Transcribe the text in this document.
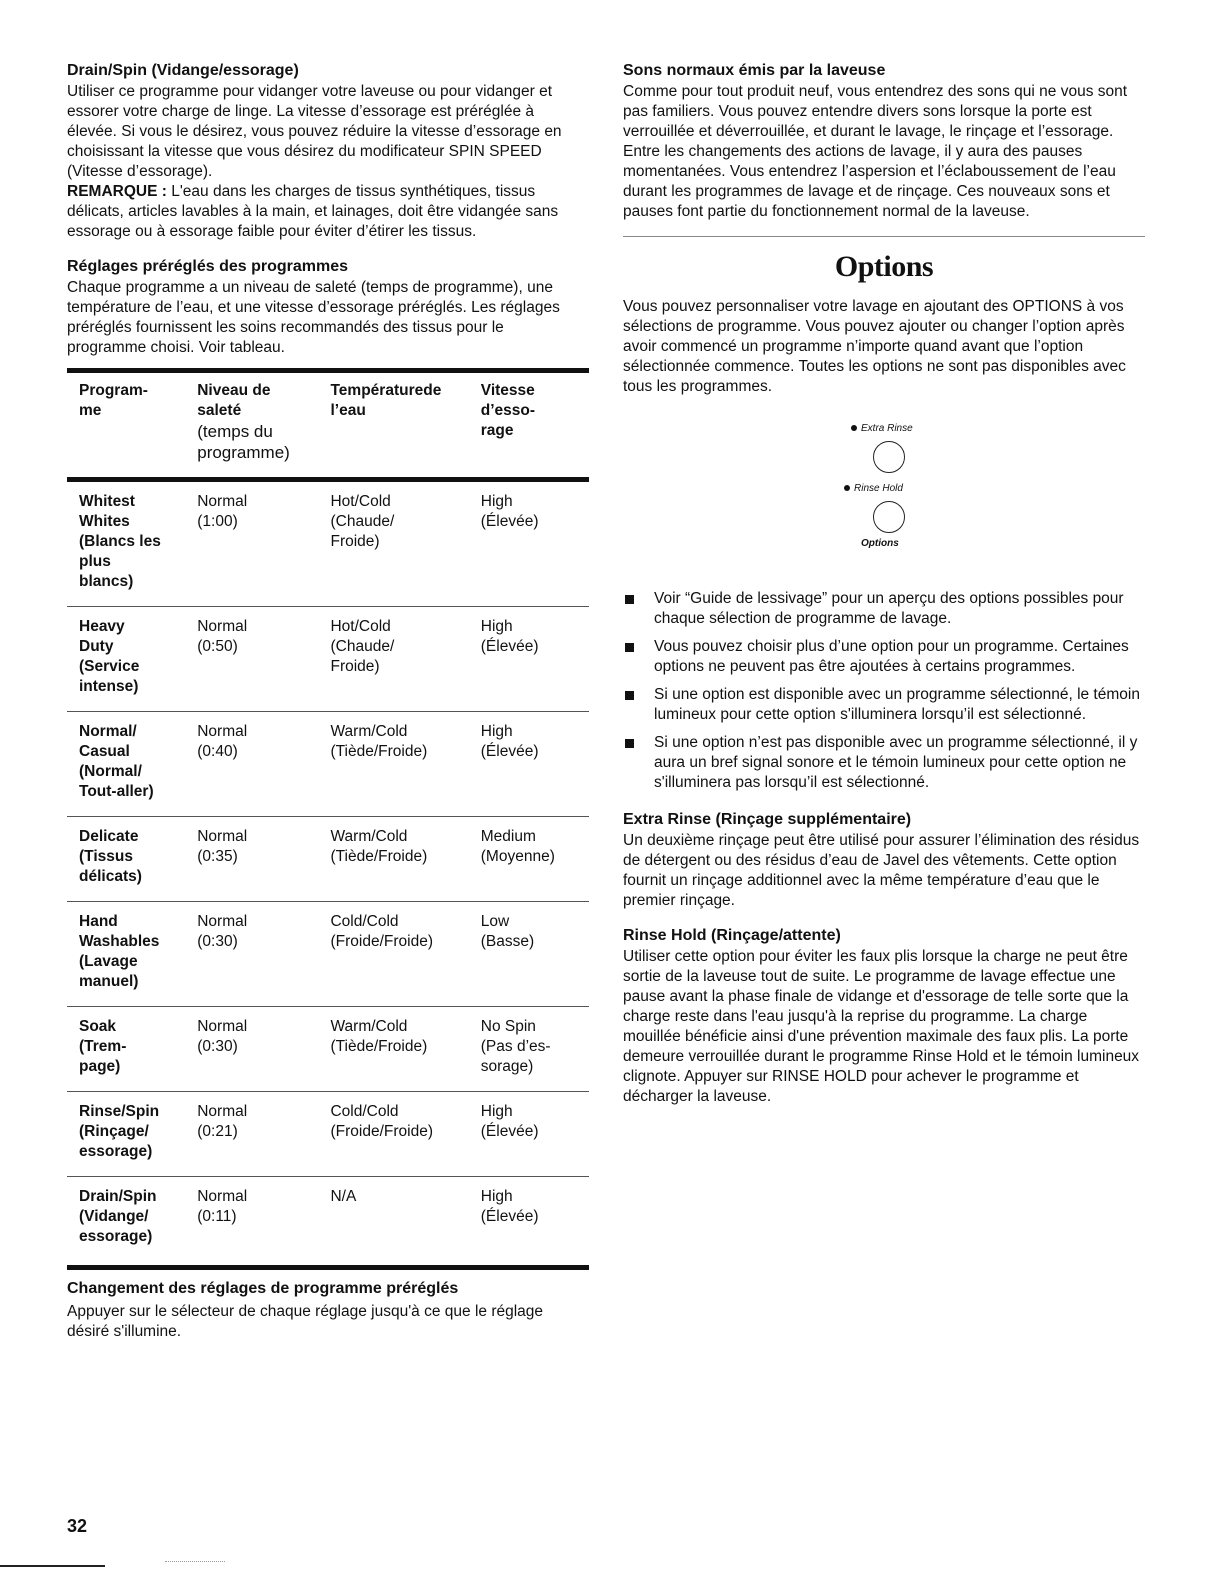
Drain/Spin (Vidange/essorage)

Utiliser ce programme pour vidanger votre laveuse ou pour vidanger et essorer votre charge de linge. La vitesse d’essorage est préréglée à élevée. Si vous le désirez, vous pouvez réduire la vitesse d’essorage en choisissant la vitesse que vous désirez du modificateur SPIN SPEED (Vitesse d’essorage).

REMARQUE : L'eau dans les charges de tissus synthétiques, tissus délicats, articles lavables à la main, et lainages, doit être vidangée sans essorage ou à essorage faible pour éviter d’étirer les tissus.

Réglages préréglés des programmes

Chaque programme a un niveau de saleté (temps de programme), une température de l’eau, et une vitesse d’essorage préréglés. Les réglages préréglés fournissent les soins recommandés des tissus pour le programme choisi. Voir tableau.

Program-
me	Niveau de
saleté
(temps du
programme)	Températurede
l’eau	Vitesse
d’esso-
rage

Whitest
Whites
(Blancs les
plus
blancs)	Normal
(1:00)	Hot/Cold
(Chaude/
Froide)	High
(Élevée)

Heavy
Duty
(Service
intense)	Normal
(0:50)	Hot/Cold
(Chaude/
Froide)	High
(Élevée)

Normal/
Casual
(Normal/
Tout-aller)	Normal
(0:40)	Warm/Cold
(Tiède/Froide)	High
(Élevée)

Delicate
(Tissus
délicats)	Normal
(0:35)	Warm/Cold
(Tiède/Froide)	Medium
(Moyenne)

Hand
Washables
(Lavage
manuel)	Normal
(0:30)	Cold/Cold
(Froide/Froide)	Low
(Basse)

Soak
(Trem-
page)	Normal
(0:30)	Warm/Cold
(Tiède/Froide)	No Spin
(Pas d’es-
sorage)

Rinse/Spin
(Rinçage/
essorage)	Normal
(0:21)	Cold/Cold
(Froide/Froide)	High
(Élevée)

Drain/Spin
(Vidange/
essorage)	Normal
(0:11)	N/A	High
(Élevée)
Changement des réglages de programme préréglés

Appuyer sur le sélecteur de chaque réglage jusqu'à ce que le réglage désiré s'illumine.

Sons normaux émis par la laveuse

Comme pour tout produit neuf, vous entendrez des sons qui ne vous sont pas familiers. Vous pouvez entendre divers sons lorsque la porte est verrouillée et déverrouillée, et durant le lavage, le rinçage et l’essorage. Entre les changements des actions de lavage, il y aura des pauses momentanées. Vous entendrez l’aspersion et l’éclaboussement de l’eau durant les programmes de lavage et de rinçage. Ces nouveaux sons et pauses font partie du fonctionnement normal de la laveuse.

Options

Vous pouvez personnaliser votre lavage en ajoutant des OPTIONS à vos sélections de programme. Vous pouvez ajouter ou changer l’option après avoir commencé un programme n’importe quand avant que l’option sélectionnée commence. Toutes les options ne sont pas disponibles avec tous les programmes.

Extra Rinse
Rinse Hold
Options
Voir “Guide de lessivage” pour un aperçu des options possibles pour chaque sélection de programme de lavage.
Vous pouvez choisir plus d’une option pour un programme. Certaines options ne peuvent pas être ajoutées à certains programmes.
Si une option est disponible avec un programme sélectionné, le témoin lumineux pour cette option s'illuminera lorsqu’il est sélectionné.
Si une option n’est pas disponible avec un programme sélectionné, il y aura un bref signal sonore et le témoin lumineux pour cette option ne s'illuminera pas lorsqu’il est sélectionné.
Extra Rinse (Rinçage supplémentaire)

Un deuxième rinçage peut être utilisé pour assurer l’élimination des résidus de détergent ou des résidus d’eau de Javel des vêtements. Cette option fournit un rinçage additionnel avec la même température d’eau que le premier rinçage.

Rinse Hold (Rinçage/attente)

Utiliser cette option pour éviter les faux plis lorsque la charge ne peut être sortie de la laveuse tout de suite. Le programme de lavage effectue une pause avant la phase finale de vidange et d'essorage de telle sorte que la charge reste dans l'eau jusqu'à la reprise du programme. La charge mouillée bénéficie ainsi d'une prévention maximale des faux plis. La porte demeure verrouillée durant le programme Rinse Hold et le témoin lumineux clignote. Appuyer sur RINSE HOLD pour achever le programme et décharger la laveuse.

32
